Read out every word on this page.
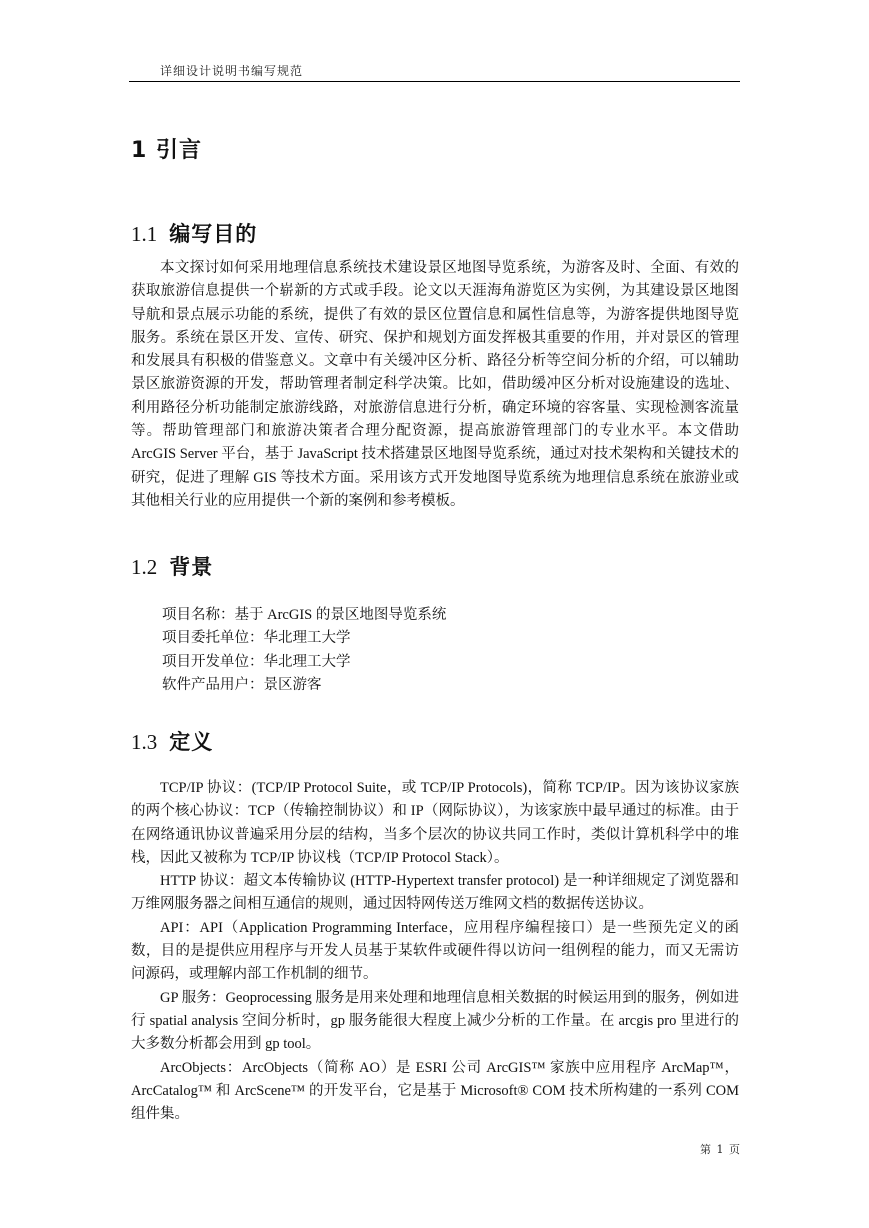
详细设计说明书编写规范
1 引言
1.1 编写目的

本文探讨如何采用地理信息系统技术建设景区地图导览系统，为游客及时、全面、有效的获取旅游信息提供一个崭新的方式或手段。论文以天涯海角游览区为实例，为其建设景区地图导航和景点展示功能的系统，提供了有效的景区位置信息和属性信息等，为游客提供地图导览服务。系统在景区开发、宣传、研究、保护和规划方面发挥极其重要的作用，并对景区的管理和发展具有积极的借鉴意义。文章中有关缓冲区分析、路径分析等空间分析的介绍，可以辅助景区旅游资源的开发，帮助管理者制定科学决策。比如，借助缓冲区分析对设施建设的选址、利用路径分析功能制定旅游线路，对旅游信息进行分析，确定环境的容客量、实现检测客流量等。帮助管理部门和旅游决策者合理分配资源，提高旅游管理部门的专业水平。本文借助 ArcGIS Server 平台，基于 JavaScript 技术搭建景区地图导览系统，通过对技术架构和关键技术的研究，促进了理解 GIS 等技术方面。采用该方式开发地图导览系统为地理信息系统在旅游业或其他相关行业的应用提供一个新的案例和参考模板。

1.2 背景
项目名称：基于 ArcGIS 的景区地图导览系统
项目委托单位：华北理工大学
项目开发单位：华北理工大学
软件产品用户：景区游客
1.3 定义

TCP/IP 协议：(TCP/IP Protocol Suite，或 TCP/IP Protocols)，简称 TCP/IP。因为该协议家族的两个核心协议：TCP（传输控制协议）和 IP（网际协议），为该家族中最早通过的标准。由于在网络通讯协议普遍采用分层的结构，当多个层次的协议共同工作时，类似计算机科学中的堆栈，因此又被称为 TCP/IP 协议栈（TCP/IP Protocol Stack）。

HTTP 协议：超文本传输协议 (HTTP-Hypertext transfer protocol) 是一种详细规定了浏览器和万维网服务器之间相互通信的规则，通过因特网传送万维网文档的数据传送协议。

API：API（Application Programming Interface，应用程序编程接口）是一些预先定义的函数，目的是提供应用程序与开发人员基于某软件或硬件得以访问一组例程的能力，而又无需访问源码，或理解内部工作机制的细节。

GP 服务：Geoprocessing 服务是用来处理和地理信息相关数据的时候运用到的服务，例如进行 spatial analysis 空间分析时，gp 服务能很大程度上减少分析的工作量。在 arcgis pro 里进行的大多数分析都会用到 gp tool。

ArcObjects：ArcObjects（简称 AO）是 ESRI 公司 ArcGIS™ 家族中应用程序 ArcMap™，ArcCatalog™ 和 ArcScene™ 的开发平台，它是基于 Microsoft® COM 技术所构建的一系列 COM 组件集。

第 1 页
